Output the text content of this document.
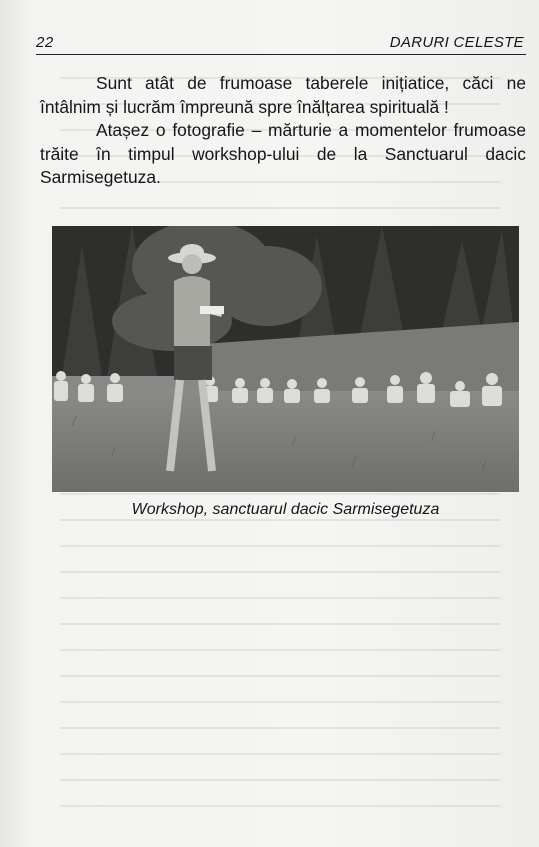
22	DARURI CELESTE

Sunt atât de frumoase taberele inițiatice, căci ne întâlnim și lucrăm împreună spre înălțarea spirituală !

Atașez o fotografie – mărturie a momentelor frumoase trăite în timpul workshop-ului de la Sanctuarul dacic Sarmisegetuza.

Workshop, sanctuarul dacic Sarmisegetuza
